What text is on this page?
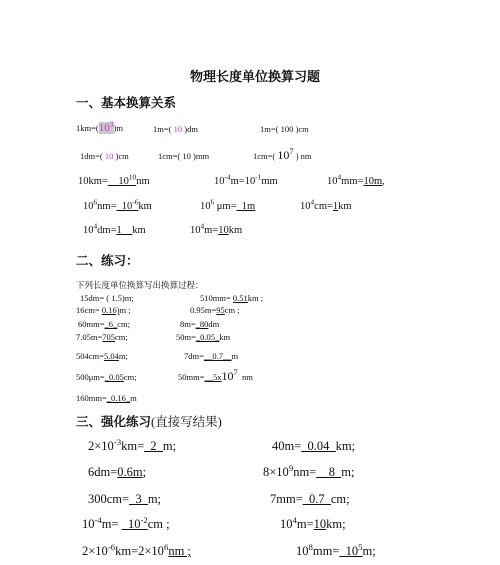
物理长度单位换算习题
一、基本换算关系
$1km=(10^3)m$	1m=( 10 )dm	1m=( 100 )cm
1dm=( 10 )cm	1cm=( 10 )mm	1cm=( $10^7$ ) nm
$10km=\_\_10^{10}nm$	$10^{-4}m=10^{-1}mm$	$10^4mm=10m$,
$10^6nm=\_10^{-6}km$	$10^6$ μm=_1m	$10^4cm=1km$
$10^4dm=1\_\_km$	$10^4m=10km$
二、练习：
下列长度单位换算写出换算过程：
15dm= ( 1.5)m;	510mm= 0.51km ;
16cm= 0.16)m ;	0.95m=95cm ;
60mm=_6_cm;	8m=_80dm
7.05m=705cm;	50m=_0.05_km
504cm=5.04m;	7dm=__0.7__m
500μm=_0.05cm;	$50mm=\_\_5x10^7$ nm
160mm=_0.16_m
三、强化练习(直接写结果)
$2\times 10^{-3}km=\_2\_m$;	40m=_0.04_km;
6dm=0.6m;	$8\times 10^9nm=\_\_8\_m$;
300cm=_3_m;	7mm=_0.7_cm;
$10^{-4}m=$ $\_10^{-2}cm$ ;	$10^4m=10km$;
$2\times 10^{-6}km=2\times 10^6nm$ ;	$10^8mm=\_10^5m$;
